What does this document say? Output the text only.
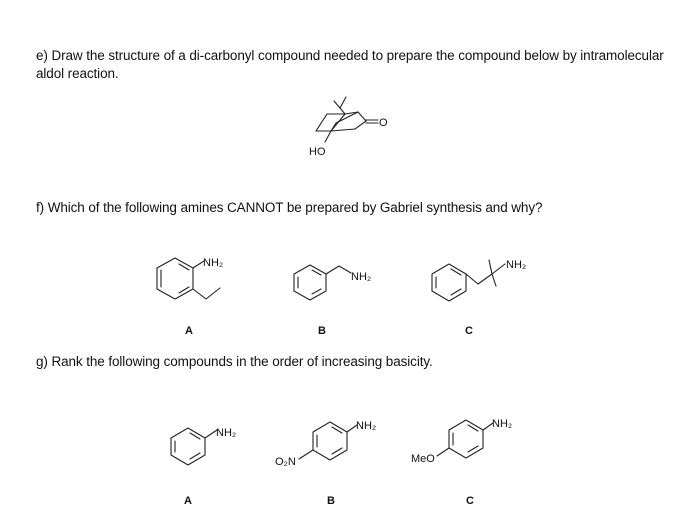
e) Draw the structure of a di-carbonyl compound needed to prepare the compound below by intramolecular
aldol reaction.
f) Which of the following amines CANNOT be prepared by Gabriel synthesis and why?
g) Rank the following compounds in the order of increasing basicity.
HO
O
NH₂
A
NH₂
B
NH₂
C
NH₂
A
NH₂
O₂N
B
NH₂
MeO
C
